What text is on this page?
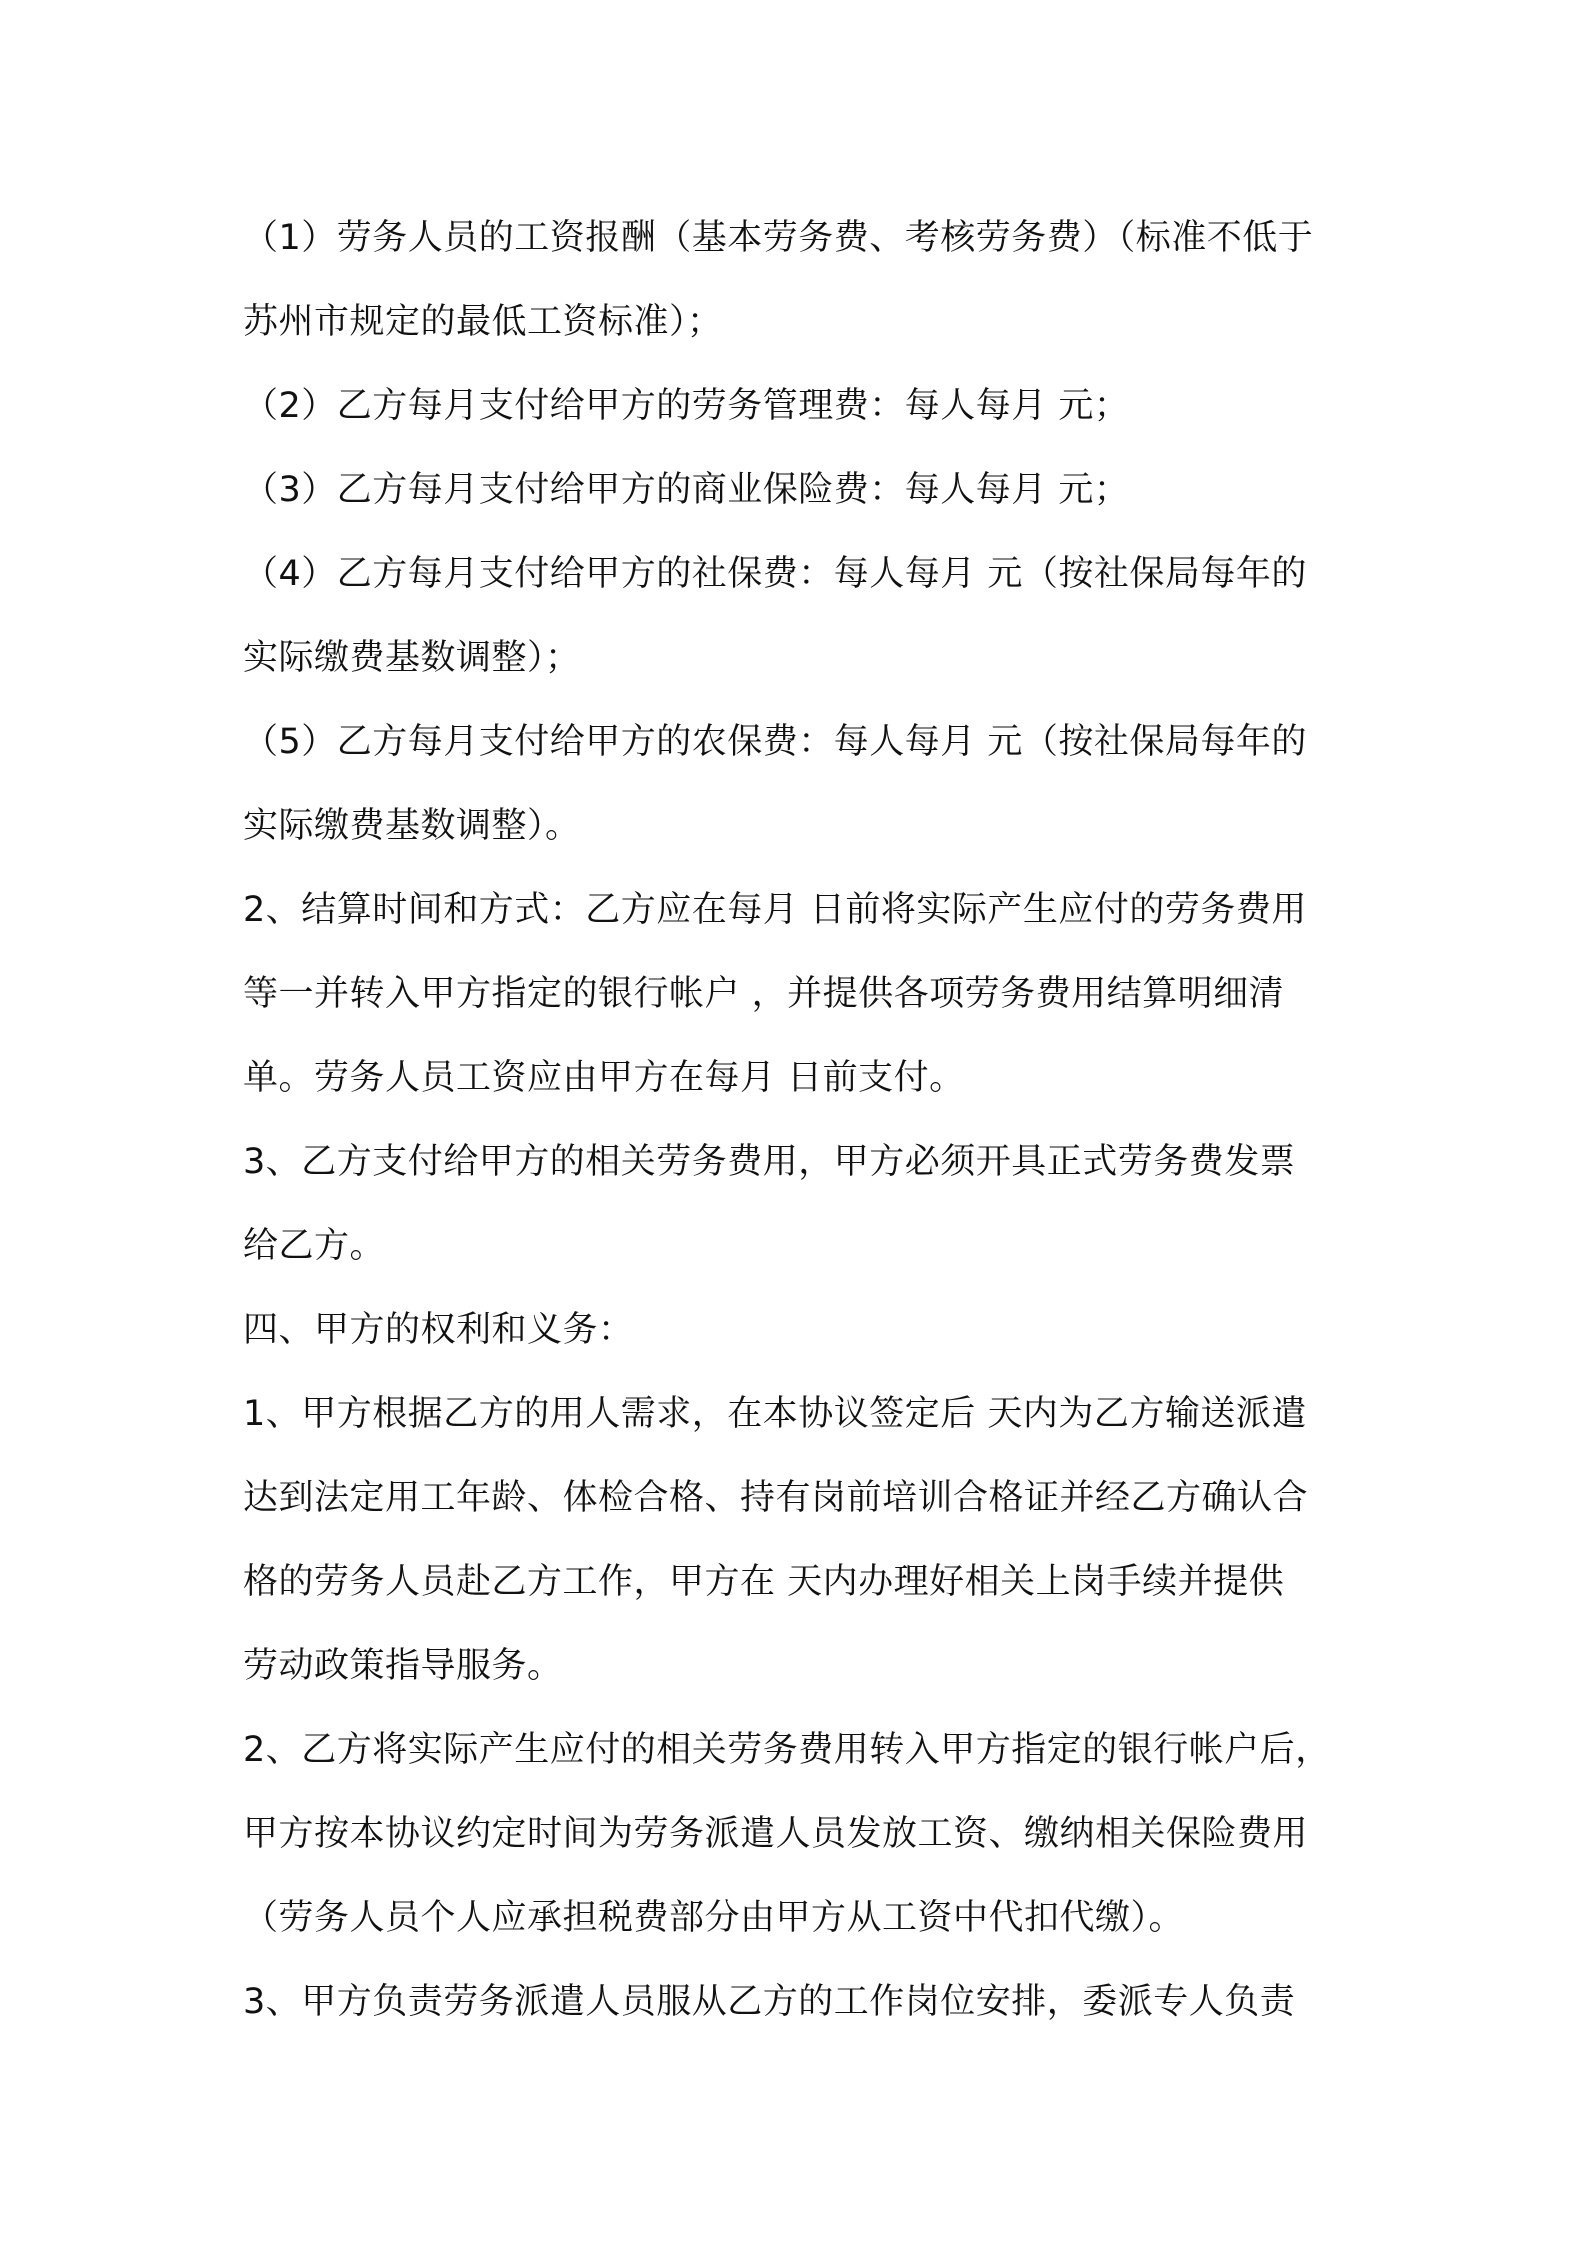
（1）劳务人员的工资报酬（基本劳务费、考核劳务费）（标准不低于
苏州市规定的最低工资标准）；
（2）乙方每月支付给甲方的劳务管理费：每人每月 元；
（3）乙方每月支付给甲方的商业保险费：每人每月 元；
（4）乙方每月支付给甲方的社保费：每人每月 元（按社保局每年的
实际缴费基数调整）；
（5）乙方每月支付给甲方的农保费：每人每月 元（按社保局每年的
实际缴费基数调整）。
2、结算时间和方式：乙方应在每月 日前将实际产生应付的劳务费用
等一并转入甲方指定的银行帐户 ，并提供各项劳务费用结算明细清
单。劳务人员工资应由甲方在每月 日前支付。
3、乙方支付给甲方的相关劳务费用，甲方必须开具正式劳务费发票
给乙方。
四、甲方的权利和义务：
1、甲方根据乙方的用人需求，在本协议签定后 天内为乙方输送派遣
达到法定用工年龄、体检合格、持有岗前培训合格证并经乙方确认合
格的劳务人员赴乙方工作，甲方在 天内办理好相关上岗手续并提供
劳动政策指导服务。
2、乙方将实际产生应付的相关劳务费用转入甲方指定的银行帐户后，
甲方按本协议约定时间为劳务派遣人员发放工资、缴纳相关保险费用
（劳务人员个人应承担税费部分由甲方从工资中代扣代缴）。
3、甲方负责劳务派遣人员服从乙方的工作岗位安排，委派专人负责
